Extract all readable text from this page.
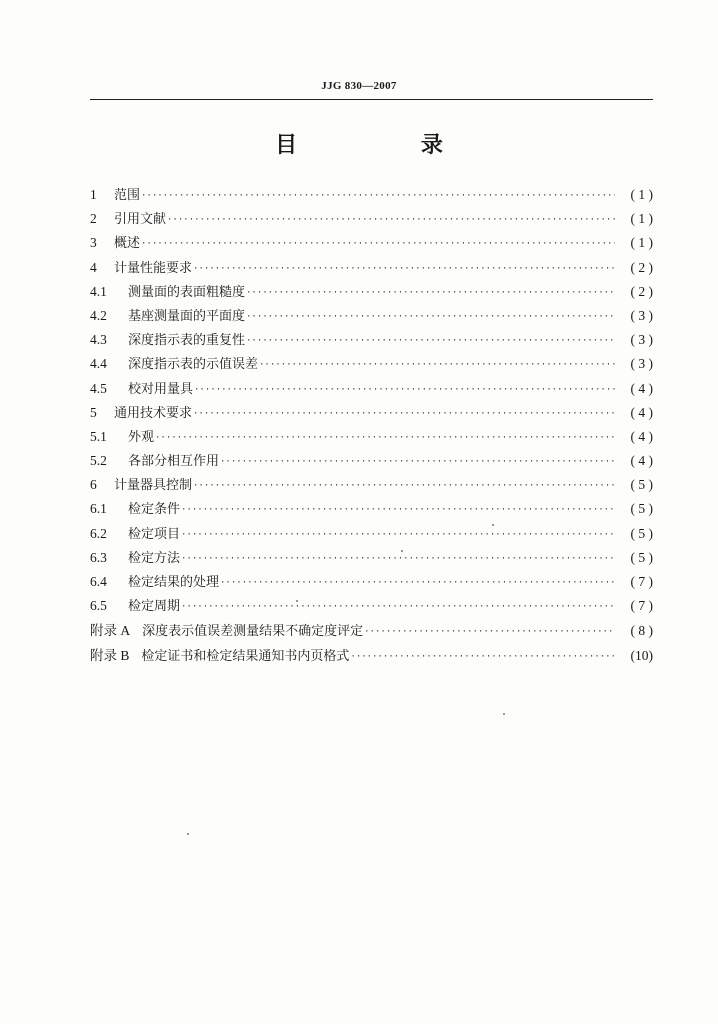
JJG 830—2007
目 录
1	范围 ·····	( 1 )
2	引用文献 ·····	( 1 )
3	概述 ·····	( 1 )
4	计量性能要求 ·····	( 2 )
4.1	测量面的表面粗糙度 ·····	( 2 )
4.2	基座测量面的平面度 ·····	( 3 )
4.3	深度指示表的重复性 ·····	( 3 )
4.4	深度指示表的示值误差 ·····	( 3 )
4.5	校对用量具 ·····	( 4 )
5	通用技术要求 ·····	( 4 )
5.1	外观 ·····	( 4 )
5.2	各部分相互作用 ·····	( 4 )
6	计量器具控制 ·····	( 5 )
6.1	检定条件 ·····	( 5 )
6.2	检定项目 ·····	( 5 )
6.3	检定方法 ·····	( 5 )
6.4	检定结果的处理 ·····	( 7 )
6.5	检定周期 ·····	( 7 )
附录 A 深度表示值误差测量结果不确定度评定 ·····	( 8 )
附录 B 检定证书和检定结果通知书内页格式 ·····	(10)
